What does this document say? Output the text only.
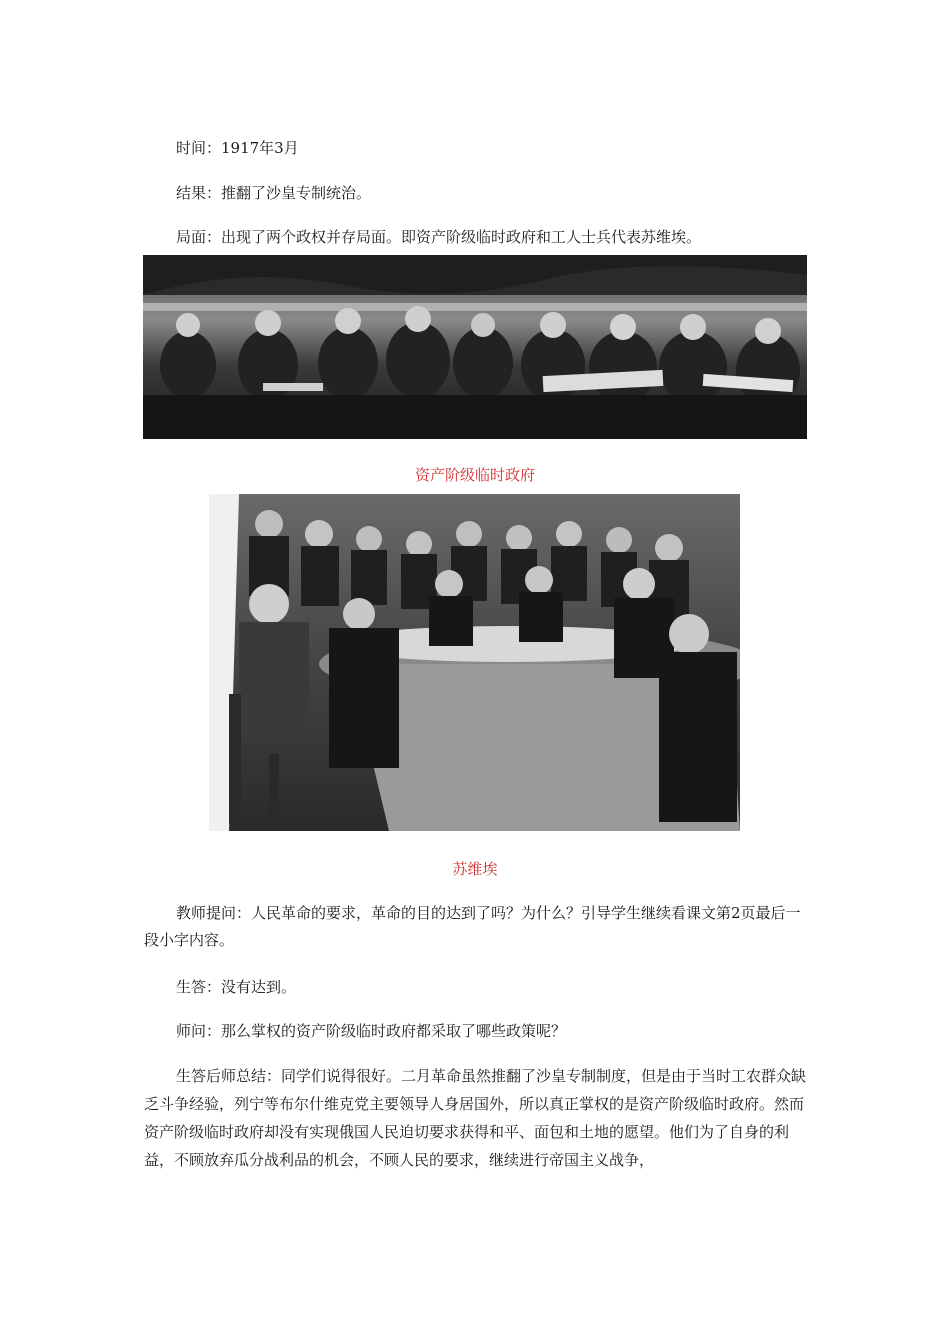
时间：1917年3月

结果：推翻了沙皇专制统治。

局面：出现了两个政权并存局面。即资产阶级临时政府和工人士兵代表苏维埃。

资产阶级临时政府

苏维埃

教师提问：人民革命的要求，革命的目的达到了吗？为什么？引导学生继续看课文第2页最后一段小字内容。

生答：没有达到。

师问：那么掌权的资产阶级临时政府都采取了哪些政策呢？

生答后师总结：同学们说得很好。二月革命虽然推翻了沙皇专制制度，但是由于当时工农群众缺乏斗争经验，列宁等布尔什维克党主要领导人身居国外，所以真正掌权的是资产阶级临时政府。然而资产阶级临时政府却没有实现俄国人民迫切要求获得和平、面包和土地的愿望。他们为了自身的利益，不顾放弃瓜分战利品的机会，不顾人民的要求，继续进行帝国主义战争，
